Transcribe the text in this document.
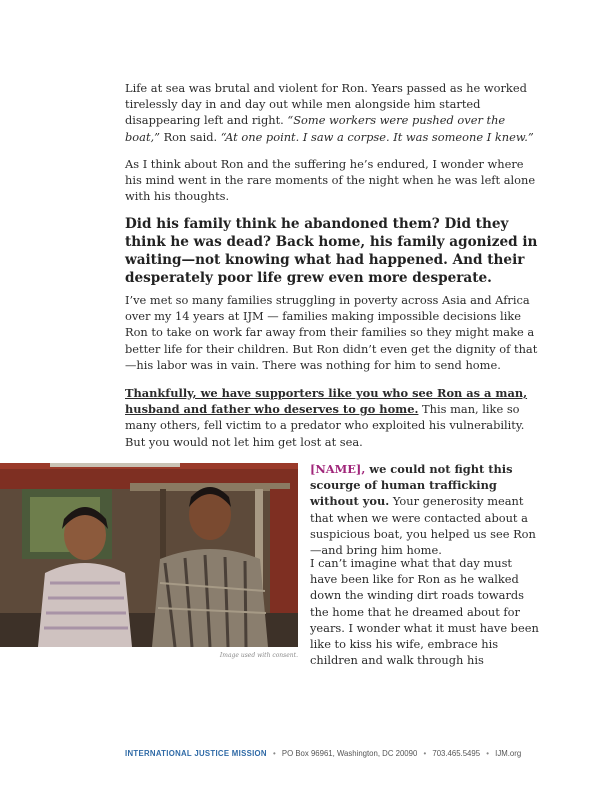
Life at sea was brutal and violent for Ron. Years passed as he worked tirelessly day in and day out while men alongside him started disappearing left and right. “Some workers were pushed over the boat,” Ron said. “At one point. I saw a corpse. It was someone I knew.”

As I think about Ron and the suffering he’s endured, I wonder where his mind went in the rare moments of the night when he was left alone with his thoughts.

Did his family think he abandoned them? Did they think he was dead? Back home, his family agonized in waiting—not knowing what had happened. And their desperately poor life grew even more desperate.

I’ve met so many families struggling in poverty across Asia and Africa over my 14 years at IJM — families making impossible decisions like Ron to take on work far away from their families so they might make a better life for their children. But Ron didn’t even get the dignity of that—his labor was in vain. There was nothing for him to send home.

Thankfully, we have supporters like you who see Ron as a man, husband and father who deserves to go home. This man, like so many others, fell victim to a predator who exploited his vulnerability. But you would not let him get lost at sea.

Image used with consent.

[NAME], we could not fight this scourge of human trafficking without you. Your generosity meant that when we were contacted about a suspicious boat, you helped us see Ron—and bring him home.

I can’t imagine what that day must have been like for Ron as he walked down the winding dirt roads towards the home that he dreamed about for years. I wonder what it must have been like to kiss his wife, embrace his children and walk through his

INTERNATIONAL JUSTICE MISSION • PO Box 96961, Washington, DC 20090 • 703.465.5495 • IJM.org
